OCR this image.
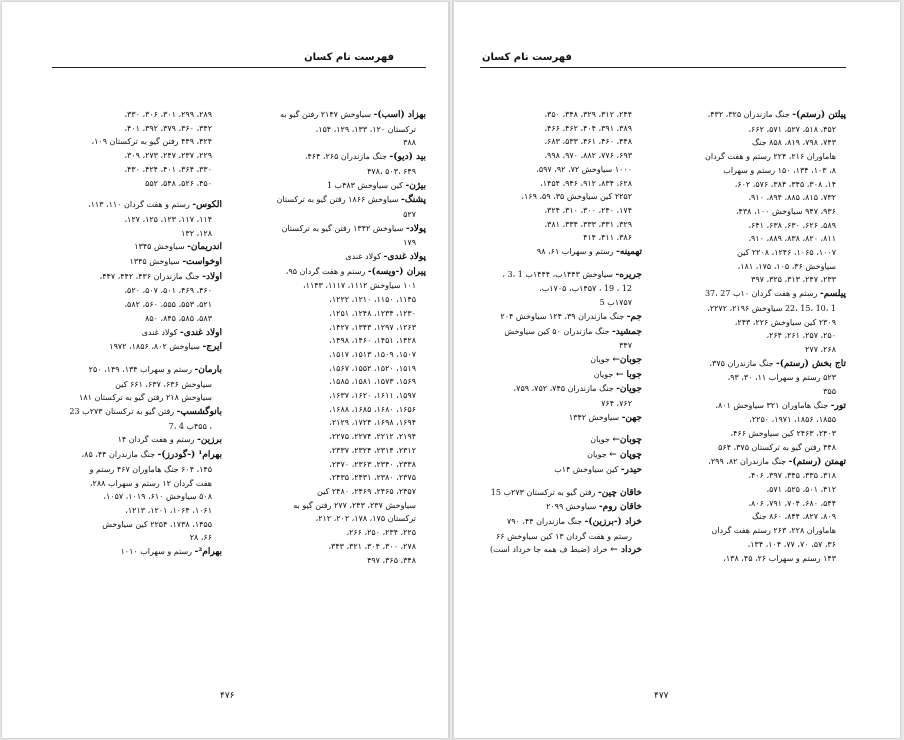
فهرست نام کسان

بهزاد (اسب)- سیاوخش ۲۱۴۷ رفتن گیو به

ترکستان ۱۲۰، ۱۳۳، ۱۲۹، ۱۵۴،

۳۸۸

بید (دیو)- جنگ مازندران ۲۶۵، ۴۶۴،

۶۴۹ ،۵۰۳ ،۴۷۸

بیژن- کین سیاوخش ۴۸۳ب 1

پشنگ- سیاوخش ۱۸۶۶ رفتن گیو به ترکستان

۵۲۷

پولاد- سیاوخش ۱۳۴۲ رفتن گیو به ترکستان

۱۷۹

پولاد غندی- کولاد غندی

پیران (-ویسه)- رستم و هفت گردان ۹۵،

۱۰۱ سیاوخش ۱۱۱۲، ۱۱۱۷، ۱۱۴۳،

۱۱۴۵، ۱۱۵۰، ۱۲۱۰، ۱۲۲۲،

۱۲۳۰، ۱۲۳۴، ۱۲۴۸، ۱۲۵۱،

۱۲۶۳، ۱۲۹۷، ۱۳۴۳، ۱۴۲۷،

۱۴۲۸، ۱۴۵۱، ۱۴۶۰، ۱۴۹۸،

۱۵۰۷، ۱۵۰۹، ۱۵۱۳، ۱۵۱۷،

۱۵۱۹، ۱۵۲۰، ۱۵۵۲، ۱۵۶۷،

۱۵۶۹، ۱۵۷۳، ۱۵۸۱، ۱۵۸۵،

۱۵۹۷، ۱۶۱۱، ۱۶۲۰، ۱۶۳۷،

۱۶۵۶، ۱۶۸۰، ۱۶۸۵، ۱۶۸۸،

۱۶۹۴، ۱۶۹۸، ۱۷۲۴، ۲۱۲۹،

۲۱۹۴، ۲۲۱۲، ۲۲۷۴، ۲۲۷۵،

۲۳۱۲، ۲۳۱۴، ۲۳۲۴، ۲۳۳۷،

۲۳۳۸، ۲۳۴۰، ۲۳۶۳، ۲۳۷۰،

۲۳۷۵، ۲۳۸۰، ۲۴۳۱، ۲۴۳۵،

۲۴۵۷، ۲۴۶۵، ۲۴۶۹، ۲۴۸۰ کین

سیاوخش ۲۳۷، ۲۴۳، ۲۷۷ رفتن گیو به

ترکستان ۱۷۵، ۱۷۸، ۲۰۲، ۲۱۲،

۲۲۵، ۲۳۴، ۲۵۰، ۲۶۶،

۲۷۸، ۳۰۰، ۳۰۴، ۳۲۱، ۳۴۳،

۳۴۸، ۳۶۵، ۴۹۷

۲۸۹، ۲۹۹، ۳۰۱، ۳۰۶، ۳۳۰،

۳۴۲، ۳۶۰، ۳۷۹، ۳۹۲، ۴۰۱،

۴۲۴، ۴۴۹ رفتن گیو به ترکستان ۱۰۹،

۲۲۹، ۲۳۷، ۲۴۷، ۲۷۳، ۳۰۹،

۳۳۰، ۳۶۴، ۴۰۱، ۴۲۴، ۴۳۰،

۴۵۰، ۵۲۶، ۵۴۸، ۵۵۲

الکوس- رستم و هفت گردان ۱۱۰، ۱۱۳،

۱۱۴، ۱۱۷، ۱۲۳، ۱۲۵، ۱۲۷،

۱۲۸، ۱۳۲

اندریمان- سیاوخش ۱۳۴۵

اوخواست- سیاوخش ۱۳۴۵

اولاد- جنگ مازندران ۴۳۶، ۴۴۲، ۴۴۷،

۴۶۰، ۴۶۹، ۵۰۱، ۵۰۷، ۵۲۰،

۵۲۱، ۵۵۳، ۵۵۵، ۵۶۰، ۵۸۲،

۵۸۳، ۵۸۵، ۸۴۵، ۸۵۰

اولاد غندی- کولاد غندی

ایرج- سیاوخش ۸۰۲، ۱۸۵۶، ۱۹۷۲

بارمان- رستم و سهراب ۱۳۴، ۱۴۹، ۲۵۰

سیاوخش ۶۳۶، ۶۳۷، ۶۶۱ کین

سیاوخش ۲۱۸ رفتن گیو به ترکستان ۱۸۱

بانوگشسپ- رفتن گیو به ترکستان ۲۷۳ب 23

، ۴۵۵ب 4 ،7

برزین- رستم و هفت گردان ۱۴

بهرام¹ (-گودرز)- جنگ مازندران ۴۴، ۸۵،

۱۴۵، ۶۰۴ جنگ هاماوران ۴۶۷ رستم و

هفت گردان ۱۲ رستم و سهراب ۲۸۸،

۵۰۸ سیاوخش ۶۱۰، ۱۰۱۹، ۱۰۵۷،

۱۰۶۱، ۱۰۶۴، ۱۲۰۱، ۱۲۱۳،

۱۴۵۵، ۱۷۳۸، ۲۲۵۴ کین سیاوخش

۶۶، ۲۸

بهرام²- رستم و سهراب ۱۰۱۰

۴۷۶
فهرست نام کسان

پیلتن (رستم)- جنگ مازندران ۳۲۵، ۴۳۲،

۴۵۲، ۵۱۸، ۵۲۷، ۵۷۱، ۶۶۲،

۷۴۳، ۷۹۸، ۸۱۹، ۸۵۸ جنگ

هاماوران ۲۱۶، ۲۲۴ رستم و هفت گردان

۸، ۱۰۳، ۱۳۴، ۱۵۰ رستم و سهراب

۱۴، ۳۰۸، ۳۴۵، ۳۸۴، ۵۷۶، ۶۰۲،

۷۳۲، ۸۱۵، ۸۸۵، ۸۹۴، ۹۱۰،

۹۳۶، ۹۴۷ سیاوخش ۱۰۰، ۴۳۸،

۵۸۹، ۶۲۶، ۶۳۰، ۶۳۸، ۶۴۱،

۸۱۱، ۸۲۰، ۸۳۸، ۸۸۹، ۹۱۰،

۱۰۰۷، ۱۰۶۵، ۱۲۴۶، ۲۲۰۸ کین

سیاوخش ۳۶، ۱۰۵، ۱۷۵، ۱۸۱،

۲۳۳، ۲۴۷، ۳۱۳، ۳۲۵، ۳۹۷

پیلسم- رستم و هفت گردان ۱۰ب 27 ،37

1 ،10 ،15 ،22 سیاوخش ۲۱۹۶، ۲۲۷۲،

۲۳۰۹ کین سیاوخش ۲۲۶، ۲۴۳،

۲۵۰، ۲۵۷، ۲۶۱، ۲۶۴،

۲۶۸، ۲۷۷

تاج بخش (رستم)- جنگ مازندران ۳۷۵،

۵۲۳ رستم و سهراب ۱۱، ۳۰، ۹۳،

۳۵۵

تور- جنگ هاماوران ۳۲۱ سیاوخش ۸۰۱،

۱۸۵۵، ۱۸۵۶، ۱۹۷۱، ۲۲۵۰،

۲۴۰۳، ۲۴۶۳ کین سیاوخش ۴۶۶،

۴۴۸ رفتن گیو به ترکستان ۳۷۵، ۵۶۴

تهمتن (رستم)- جنگ مازندران ۸۲، ۲۹۹،

۳۱۸، ۳۳۵، ۳۴۵، ۳۹۷، ۴۰۶،

۴۱۲، ۵۰۱، ۵۲۵، ۵۷۱،

۵۴۴، ۶۸۰، ۷۰۴، ۷۹۱، ۸۰۶،

۸۰۹، ۸۲۷، ۸۴۴، ۸۶۰ جنگ

هاماوران ۲۲۸، ۲۶۳ رستم هفت گردان

۳۶، ۵۷، ۷۰، ۷۷، ۱۰۴، ۱۳۴،

۱۴۳ رستم و سهراب ۲۶، ۴۵، ۱۳۸،

۲۴۴، ۳۱۲، ۳۲۹، ۳۴۸، ۳۵۰،

۳۸۹، ۳۹۱، ۴۰۴، ۴۶۲، ۴۶۶،

۴۴۸، ۴۶۰، ۴۶۱، ۵۳۳، ۶۸۳،

۶۹۳، ۷۷۶، ۸۸۲، ۹۷۰، ۹۹۸،

۱۰۰۰ سیاوخش ۷۲، ۹۲، ۵۹۷،

۶۲۸، ۸۳۴، ۹۱۲، ۹۴۶، ۱۴۵۴،

۲۲۵۲ کین سیاوخش ۳۵، ۵۹، ۱۶۹،

۱۷۴، ۲۴۰، ۳۰۰، ۳۱۰، ۳۲۴،

۳۲۹، ۳۳۱، ۳۳۳، ۳۳۴، ۳۸۱،

۳۸۶، ۴۱۱، ۴۱۴

تهمینه- رستم و سهراب ۶۱، ۹۸

جریره- سیاوخش ۱۴۴۳ب، ۱۴۴۴ب 1 ،3 ،

12 ، 19 ، ۱۴۵۷ب، ۱۷۰۵ب،

۱۷۵۷ب 5

جم- جنگ مازندران ۳۹، ۱۲۴ سیاوخش ۲۰۴

جمشید- جنگ مازندران ۵۰ کین سیاوخش

۳۴۷

جوبان← جویان

جوبا ← جویان

جویان- جنگ مازندران ۷۴۵، ۷۵۲، ۷۵۹،

۷۶۲، ۷۶۴

جهن- سیاوخش ۱۳۴۲

چوبان← جویان

چوپان ← جویان

حیدر- کین سیاوخش ۱۴ب

خاقان چین- رفتن گیو به ترکستان ۲۷۳ب 15

خاقان روم- سیاوخش ۲۰۹۹

خراد (-برزین)- جنگ مازندران ۴۴، ۷۹۰

رستم و هفت گردان ۱۳ کین سیاوخش ۶۶

خرداد ← خراد (ضبط ف همه جا خرداد است)

۴۷۷
